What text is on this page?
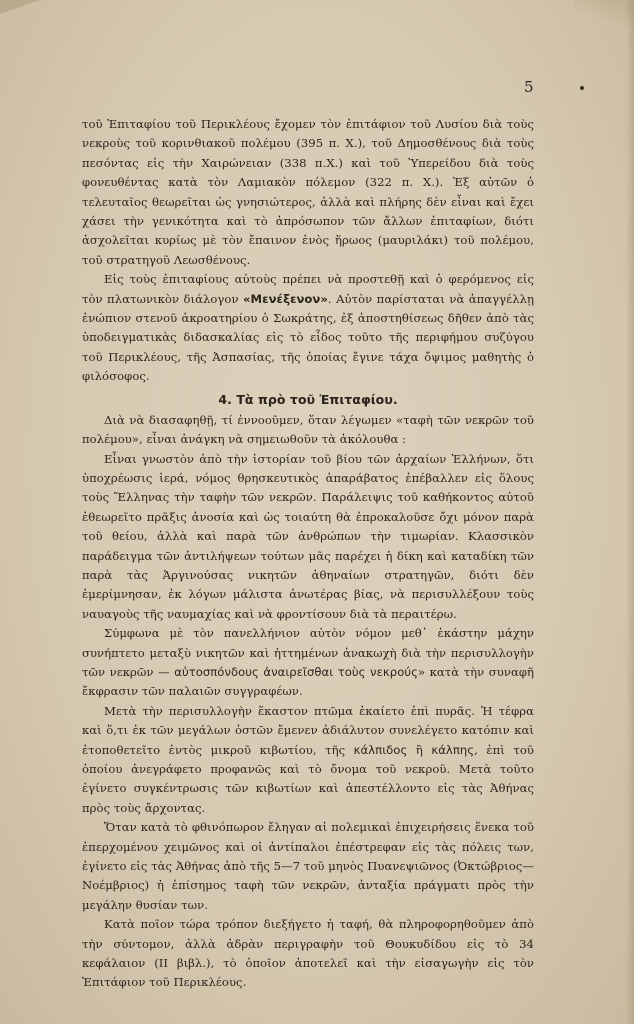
5

τοῦ Ἐπιταφίου τοῦ Περικλέους ἔχομεν τὸν ἐπιτάφιον τοῦ Λυσίου διὰ τοὺς νεκροὺς τοῦ κορινθιακοῦ πολέμου (395 π. Χ.), τοῦ Δημοσθένους διὰ τοὺς πεσόντας εἰς τὴν Χαιρώνειαν (338 π.Χ.) καὶ τοῦ Ὑπερείδου διὰ τοὺς φονευθέντας κατὰ τὸν Λαμιακὸν πόλεμον (322 π. Χ.). Ἐξ αὐτῶν ὁ τελευταῖος θεωρεῖται ὡς γνησιώτερος, ἀλλὰ καὶ πλήρης δὲν εἶναι καὶ ἔχει χάσει τὴν γενικότητα καὶ τὸ ἀπρόσωπον τῶν ἄλλων ἐπιταφίων, διότι ἀσχολεῖται κυρίως μὲ τὸν ἔπαινον ἑνὸς ἥρωος (μαυριλάκι) τοῦ πολέμου, τοῦ στρατηγοῦ Λεωσθένους.

Εἰς τοὺς ἐπιταφίους αὐτοὺς πρέπει νὰ προστεθῇ καὶ ὁ φερόμενος εἰς τὸν πλατωνικὸν διάλογον «Μενέξενον». Αὐτὸν παρίσταται νὰ ἀπαγγέλλῃ ἐνώπιον στενοῦ ἀκροατηρίου ὁ Σωκράτης, ἐξ ἀποστηθίσεως δῆθεν ἀπὸ τὰς ὑποδειγματικὰς διδασκαλίας εἰς τὸ εἶδος τοῦτο τῆς περιφήμου συζύγου τοῦ Περικλέους, τῆς Ἀσπασίας, τῆς ὁποίας ἔγινε τάχα ὄψιμος μαθητὴς ὁ φιλόσοφος.

4. Τὰ πρὸ τοῦ Ἐπιταφίου.

Διὰ νὰ διασαφηθῇ, τί ἐννοοῦμεν, ὅταν λέγωμεν «ταφὴ τῶν νεκρῶν τοῦ πολέμου», εἶναι ἀνάγκη νὰ σημειωθοῦν τὰ ἀκόλουθα :

Εἶναι γνωστὸν ἀπὸ τὴν ἱστορίαν τοῦ βίου τῶν ἀρχαίων Ἑλλήνων, ὅτι ὑποχρέωσις ἱερά, νόμος θρησκευτικὸς ἀπαράβατος ἐπέβαλλεν εἰς ὅλους τοὺς Ἕλληνας τὴν ταφὴν τῶν νεκρῶν. Παράλειψις τοῦ καθήκοντος αὐτοῦ ἐθεωρεῖτο πρᾶξις ἀνοσία καὶ ὡς τοιαύτη θὰ ἐπροκαλοῦσε ὄχι μόνον παρὰ τοῦ θείου, ἀλλὰ καὶ παρὰ τῶν ἀνθρώπων τὴν τιμωρίαν. Κλασσικὸν παράδειγμα τῶν ἀντιλήψεων τούτων μᾶς παρέχει ἡ δίκη καὶ καταδίκη τῶν παρὰ τὰς Ἀργινούσας νικητῶν ἀθηναίων στρατηγῶν, διότι δὲν ἐμερίμνησαν, ἐκ λόγων μάλιστα ἀνωτέρας βίας, νὰ περισυλλέξουν τοὺς ναυαγοὺς τῆς ναυμαχίας καὶ νὰ φροντίσουν διὰ τὰ περαιτέρω.

Σύμφωνα μὲ τὸν πανελλήνιον αὐτὸν νόμον μεθ᾿ ἑκάστην μάχην συνήπτετο μεταξὺ νικητῶν καὶ ἡττημένων ἀνακωχὴ διὰ τὴν περισυλλογὴν τῶν νεκρῶν — αὐτοσπόνδους ἀναιρεῖσθαι τοὺς νεκρούς» κατὰ τὴν συναφῆ ἔκφρασιν τῶν παλαιῶν συγγραφέων.

Μετὰ τὴν περισυλλογὴν ἕκαστον πτῶμα ἐκαίετο ἐπὶ πυρᾶς. Ἡ τέφρα καὶ ὅ,τι ἐκ τῶν μεγάλων ὀστῶν ἔμενεν ἀδιάλυτον συνελέγετο κατόπιν καὶ ἐτοποθετεῖτο ἐντὸς μικροῦ κιβωτίου, τῆς κάλπιδος ἢ κάλπης, ἐπὶ τοῦ ὁποίου ἀνεγράφετο προφανῶς καὶ τὸ ὄνομα τοῦ νεκροῦ. Μετὰ τοῦτο ἐγίνετο συγκέντρωσις τῶν κιβωτίων καὶ ἀπεστέλλοντο εἰς τὰς Ἀθήνας πρὸς τοὺς ἄρχοντας.

Ὅταν κατὰ τὸ φθινόπωρον ἔληγαν αἱ πολεμικαὶ ἐπιχειρήσεις ἕνεκα τοῦ ἐπερχομένου χειμῶνος καὶ οἱ ἀντίπαλοι ἐπέστρεφαν εἰς τὰς πόλεις των, ἐγίνετο εἰς τὰς Ἀθήνας ἀπὸ τῆς 5—7 τοῦ μηνὸς Πυανεψιῶνος (Ὀκτώβριος—Νοέμβριος) ἡ ἐπίσημος ταφὴ τῶν νεκρῶν, ἀνταξία πράγματι πρὸς τὴν μεγάλην θυσίαν των.

Κατὰ ποῖον τώρα τρόπον διεξήγετο ἡ ταφή, θὰ πληροφορηθοῦμεν ἀπὸ τὴν σύντομον, ἀλλὰ ἁδρὰν περιγραφὴν τοῦ Θουκυδίδου εἰς τὸ 34 κεφάλαιον (ΙΙ βιβλ.), τὸ ὁποῖον ἀποτελεῖ καὶ τὴν εἰσαγωγὴν εἰς τὸν Ἐπιτάφιον τοῦ Περικλέους.
